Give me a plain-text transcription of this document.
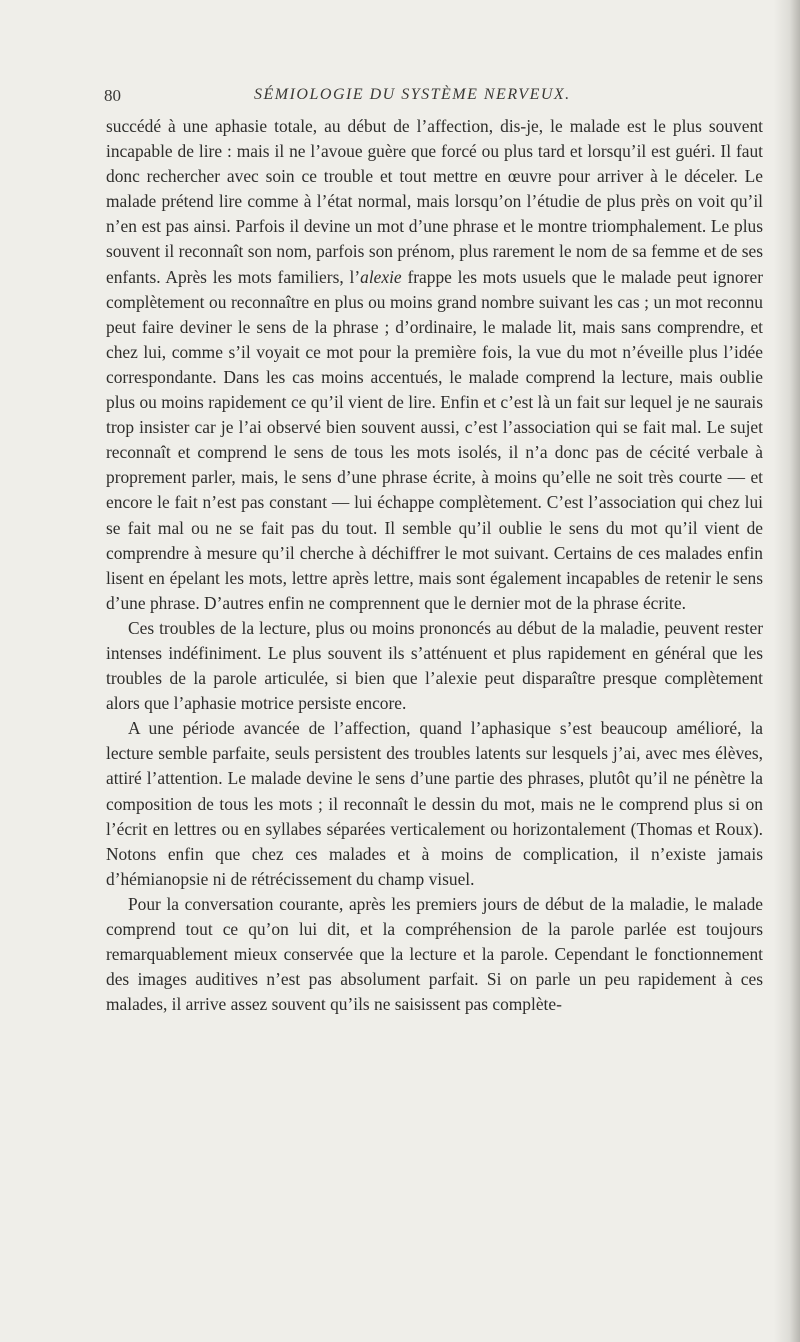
80	SÉMIOLOGIE DU SYSTÈME NERVEUX.

succédé à une aphasie totale, au début de l’affection, dis-je, le malade est le plus souvent incapable de lire : mais il ne l’avoue guère que forcé ou plus tard et lorsqu’il est guéri. Il faut donc rechercher avec soin ce trouble et tout mettre en œuvre pour arriver à le déceler. Le malade prétend lire comme à l’état normal, mais lorsqu’on l’étudie de plus près on voit qu’il n’en est pas ainsi. Parfois il devine un mot d’une phrase et le montre triomphalement. Le plus souvent il reconnaît son nom, parfois son prénom, plus rarement le nom de sa femme et de ses enfants. Après les mots familiers, l’alexie frappe les mots usuels que le malade peut ignorer complètement ou reconnaître en plus ou moins grand nombre suivant les cas ; un mot reconnu peut faire deviner le sens de la phrase ; d’ordinaire, le malade lit, mais sans comprendre, et chez lui, comme s’il voyait ce mot pour la première fois, la vue du mot n’éveille plus l’idée correspondante. Dans les cas moins accentués, le malade comprend la lecture, mais oublie plus ou moins rapidement ce qu’il vient de lire. Enfin et c’est là un fait sur lequel je ne saurais trop insister car je l’ai observé bien souvent aussi, c’est l’association qui se fait mal. Le sujet reconnaît et comprend le sens de tous les mots isolés, il n’a donc pas de cécité verbale à proprement parler, mais, le sens d’une phrase écrite, à moins qu’elle ne soit très courte — et encore le fait n’est pas constant — lui échappe complètement. C’est l’association qui chez lui se fait mal ou ne se fait pas du tout. Il semble qu’il oublie le sens du mot qu’il vient de comprendre à mesure qu’il cherche à déchiffrer le mot suivant. Certains de ces malades enfin lisent en épelant les mots, lettre après lettre, mais sont également incapables de retenir le sens d’une phrase. D’autres enfin ne comprennent que le dernier mot de la phrase écrite.

Ces troubles de la lecture, plus ou moins prononcés au début de la maladie, peuvent rester intenses indéfiniment. Le plus souvent ils s’atténuent et plus rapidement en général que les troubles de la parole articulée, si bien que l’alexie peut disparaître presque complètement alors que l’aphasie motrice persiste encore.

A une période avancée de l’affection, quand l’aphasique s’est beaucoup amélioré, la lecture semble parfaite, seuls persistent des troubles latents sur lesquels j’ai, avec mes élèves, attiré l’attention. Le malade devine le sens d’une partie des phrases, plutôt qu’il ne pénètre la composition de tous les mots ; il reconnaît le dessin du mot, mais ne le comprend plus si on l’écrit en lettres ou en syllabes séparées verticalement ou horizontalement (Thomas et Roux). Notons enfin que chez ces malades et à moins de complication, il n’existe jamais d’hémianopsie ni de rétrécissement du champ visuel.

Pour la conversation courante, après les premiers jours de début de la maladie, le malade comprend tout ce qu’on lui dit, et la compréhension de la parole parlée est toujours remarquablement mieux conservée que la lecture et la parole. Cependant le fonctionnement des images auditives n’est pas absolument parfait. Si on parle un peu rapidement à ces malades, il arrive assez souvent qu’ils ne saisissent pas complète-
